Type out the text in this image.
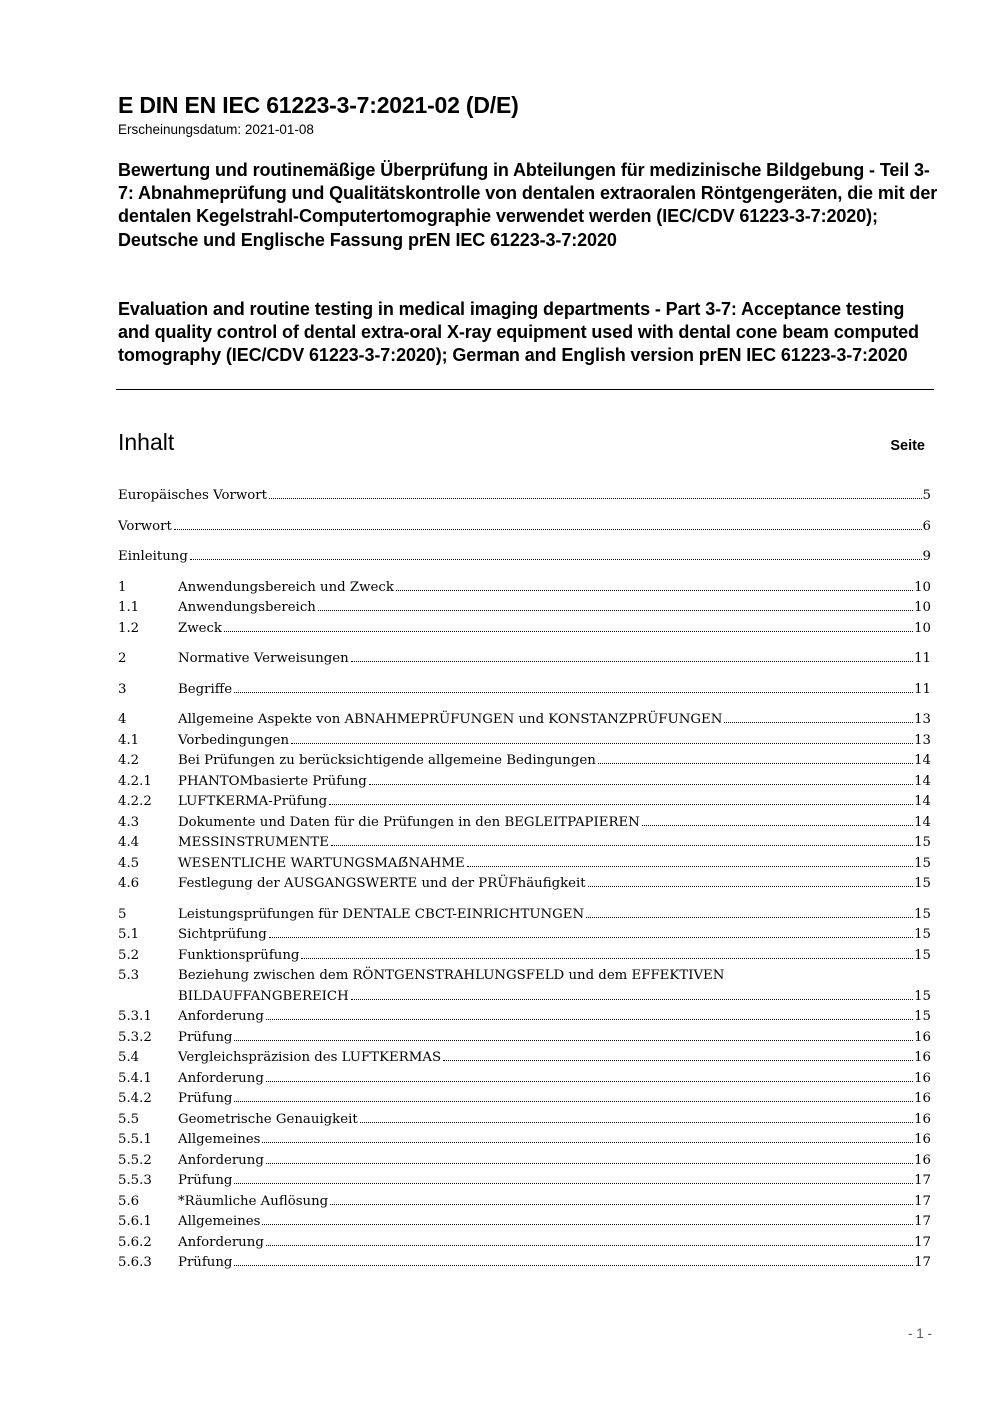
E DIN EN IEC 61223-3-7:2021-02 (D/E)

Erscheinungsdatum: 2021-01-08

Bewertung und routinemäßige Überprüfung in Abteilungen für medizinische Bildgebung - Teil 3-7: Abnahmeprüfung und Qualitätskontrolle von dentalen extraoralen Röntgengeräten, die mit der dentalen Kegelstrahl-Computertomographie verwendet werden (IEC/CDV 61223-3-7:2020); Deutsche und Englische Fassung prEN IEC 61223-3-7:2020

Evaluation and routine testing in medical imaging departments - Part 3-7: Acceptance testing and quality control of dental extra-oral X-ray equipment used with dental cone beam computed tomography (IEC/CDV 61223-3-7:2020); German and English version prEN IEC 61223-3-7:2020

Inhalt	Seite

Europäisches Vorwort	5
Vorwort	6
Einleitung	9
1	Anwendungsbereich und Zweck	10
1.1	Anwendungsbereich	10
1.2	Zweck	10
2	Normative Verweisungen	11
3	Begriffe	11
4	Allgemeine Aspekte von ABNAHMEPRÜFUNGEN und KONSTANZPRÜFUNGEN	13
4.1	Vorbedingungen	13
4.2	Bei Prüfungen zu berücksichtigende allgemeine Bedingungen	14
4.2.1	PHANTOMbasierte Prüfung	14
4.2.2	LUFTKERMA-Prüfung	14
4.3	Dokumente und Daten für die Prüfungen in den BEGLEITPAPIEREN	14
4.4	MESSINSTRUMENTE	15
4.5	WESENTLICHE WARTUNGSMAẞNAHME	15
4.6	Festlegung der AUSGANGSWERTE und der PRÜFhäufigkeit	15
5	Leistungsprüfungen für DENTALE CBCT-EINRICHTUNGEN	15
5.1	Sichtprüfung	15
5.2	Funktionsprüfung	15
5.3	Beziehung zwischen dem RÖNTGENSTRAHLUNGSFELD und dem EFFEKTIVEN
BILDAUFFANGBEREICH	15
5.3.1	Anforderung	15
5.3.2	Prüfung	16
5.4	Vergleichspräzision des LUFTKERMAS	16
5.4.1	Anforderung	16
5.4.2	Prüfung	16
5.5	Geometrische Genauigkeit	16
5.5.1	Allgemeines	16
5.5.2	Anforderung	16
5.5.3	Prüfung	17
5.6	*Räumliche Auflösung	17
5.6.1	Allgemeines	17
5.6.2	Anforderung	17
5.6.3	Prüfung	17

- 1 -
